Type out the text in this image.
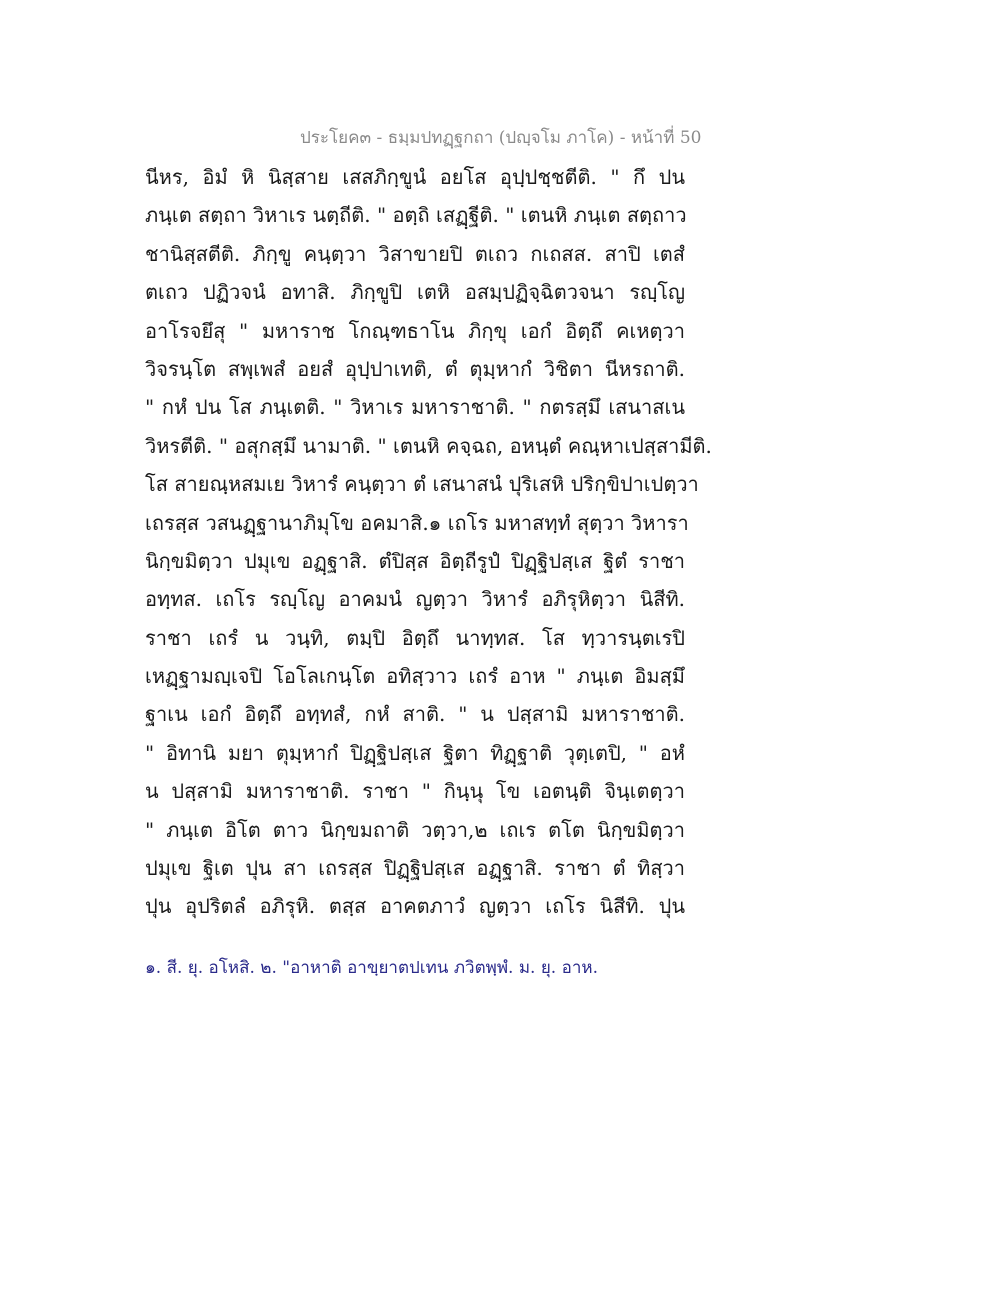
ประโยค๓ - ธมฺมปทฏฺฐกถา (ปญฺจโม ภาโค) - หน้าที่ 50
นีหร, อิมํ หิ นิสฺสาย เสสภิกฺขูนํ อยโส อุปฺปชฺชตีติ. " กึ ปน
ภนฺเต สตฺถา วิหาเร นตฺถีติ. " อตฺถิ เสฏฺฐีติ. " เตนหิ ภนฺเต สตฺถาว
ชานิสฺสตีติ. ภิกฺขู คนฺตฺวา วิสาขายปิ ตเถว กเถสส. สาปิ เตสํ
ตเถว ปฏิวจนํ อทาสิ. ภิกฺขูปิ เตหิ อสมฺปฏิจฺฉิตวจนา รญฺโญ
อาโรจยึสุ " มหาราช โกณฺฑธาโน ภิกฺขุ เอกํ อิตฺถึ คเหตฺวา
วิจรนฺโต สพฺเพสํ อยสํ อุปฺปาเทติ, ตํ ตุมฺหากํ วิชิตา นีหรถาติ.
" กหํ ปน โส ภนฺเตติ. " วิหาเร มหาราชาติ. " กตรสฺมึ เสนาสเน
วิหรตีติ. " อสุกสฺมึ นามาติ. " เตนหิ คจฺฉถ, อหนฺตํ คณฺหาเปสฺสามีติ.
โส สายณฺหสมเย วิหารํ คนฺตฺวา ตํ เสนาสนํ ปุริเสหิ ปริกฺขิปาเปตฺวา
เถรสฺส วสนฏฺฐานาภิมุโข อคมาสิ.๑ เถโร มหาสทฺทํ สุตฺวา วิหารา
นิกฺขมิตฺวา ปมุเข อฏฺฐาสิ. ตํปิสฺส อิตฺถีรูปํ ปิฏฺฐิปสฺเส ฐิตํ ราชา
อทฺทส. เถโร รญฺโญ อาคมนํ ญตฺวา วิหารํ อภิรุหิตฺวา นิสีทิ.
ราชา เถรํ น วนฺทิ, ตมฺปิ อิตฺถึ นาทฺทส. โส ทฺวารนฺตเรปิ
เหฏฺฐามญฺเจปิ โอโลเกนฺโต อทิสฺวาว เถรํ อาห " ภนฺเต อิมสฺมึ
ฐาเน เอกํ อิตฺถึ อทฺทสํ, กหํ สาติ. " น ปสฺสามิ มหาราชาติ.
" อิทานิ มยา ตุมฺหากํ ปิฏฺฐิปสฺเส ฐิตา ทิฏฺฐาติ วุตฺเตปิ, " อหํ
น ปสฺสามิ มหาราชาติ. ราชา " กินฺนุ โข เอตนฺติ จินฺเตตฺวา
" ภนฺเต อิโต ตาว นิกฺขมถาติ วตฺวา,๒ เถเร ตโต นิกฺขมิตฺวา
ปมุเข ฐิเต ปุน สา เถรสฺส ปิฏฺฐิปสฺเส อฏฺฐาสิ. ราชา ตํ ทิสฺวา
ปุน อุปริตลํ อภิรุหิ. ตสฺส อาคตภาวํ ญตฺวา เถโร นิสีทิ. ปุน
๑. สี. ยุ. อโหสิ. ๒. "อาหาติ อาขฺยาตปเทน ภวิตพฺพํ. ม. ยุ. อาห.
